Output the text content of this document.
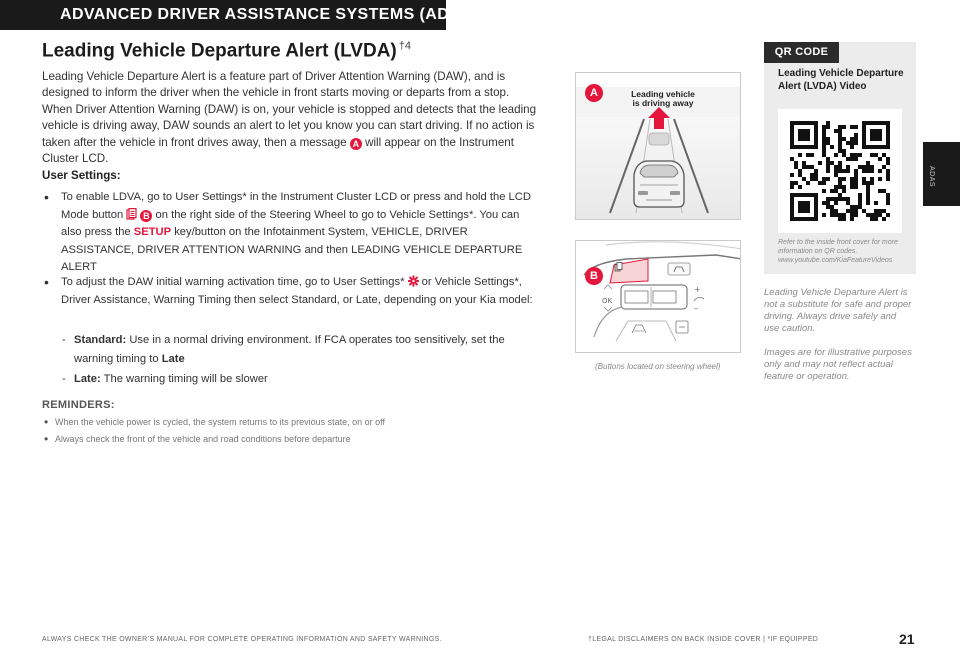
ADVANCED DRIVER ASSISTANCE SYSTEMS (ADAS)
Leading Vehicle Departure Alert (LVDA) $^{\dagger 4}$
Leading Vehicle Departure Alert is a feature part of Driver Attention Warning (DAW), and is designed to inform the driver when the vehicle in front starts moving or departs from a stop. When Driver Attention Warning (DAW) is on, your vehicle is stopped and detects that the leading vehicle is driving away, DAW sounds an alert to let you know you can start driving. If no action is taken after the vehicle in front drives away, then a message A will appear on the Instrument Cluster LCD.
User Settings:
• To enable LDVA, go to User Settings* in the Instrument Cluster LCD or press and hold the LCD Mode button B on the right side of the Steering Wheel to go to Vehicle Settings*. You can also press the SETUP key/button on the Infotainment System, VEHICLE, DRIVER ASSISTANCE, DRIVER ATTENTION WARNING and then LEADING VEHICLE DEPARTURE ALERT
• To adjust the DAW initial warning activation time, go to User Settings* or Vehicle Settings*, Driver Assistance, Warning Timing then select Standard, or Late, depending on your Kia model:
- Standard: Use in a normal driving environment. If FCA operates too sensitively, set the warning timing to Late
- Late: The warning timing will be slower
REMINDERS:
• When the vehicle power is cycled, the system returns to its previous state, on or off
• Always check the front of the vehicle and road conditions before departure
Leading vehicle
is driving away
A
OK
+
–
B
(Buttons located on steering wheel)
QR CODE
Leading Vehicle Departure Alert (LVDA) Video
Refer to the inside front cover for more information on QR codes. www.youtube.com/KiaFeatureVideos
Leading Vehicle Departure Alert is not a substitute for safe and proper driving. Always drive safely and use caution.
Images are for illustrative purposes only and may not reflect actual feature or operation.
ADAS
ALWAYS CHECK THE OWNER’S MANUAL FOR COMPLETE OPERATING INFORMATION AND SAFETY WARNINGS.	†LEGAL DISCLAIMERS ON BACK INSIDE COVER | *IF EQUIPPED	21
